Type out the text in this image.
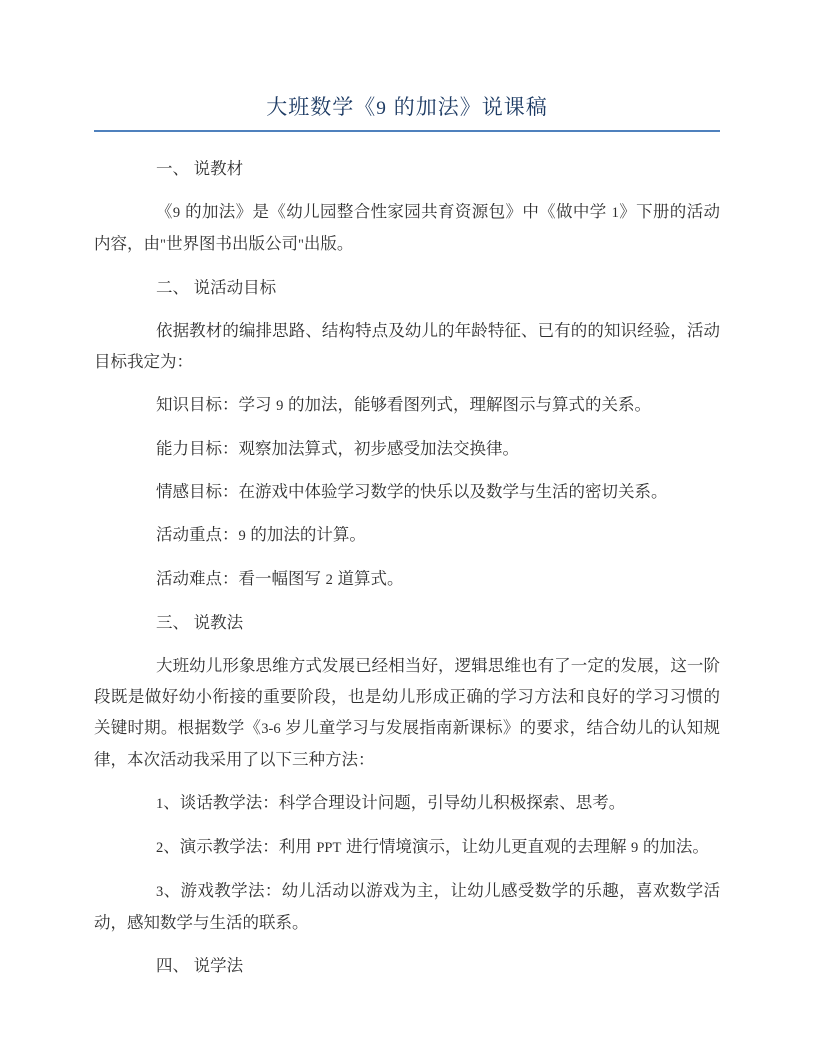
大班数学《9 的加法》说课稿

一、 说教材

《9 的加法》是《幼儿园整合性家园共育资源包》中《做中学 1》下册的活动内容，由"世界图书出版公司"出版。

二、 说活动目标

依据教材的编排思路、结构特点及幼儿的年龄特征、已有的的知识经验，活动目标我定为：

知识目标：学习 9 的加法，能够看图列式，理解图示与算式的关系。

能力目标：观察加法算式，初步感受加法交换律。

情感目标：在游戏中体验学习数学的快乐以及数学与生活的密切关系。

活动重点：9 的加法的计算。

活动难点：看一幅图写 2 道算式。

三、 说教法

大班幼儿形象思维方式发展已经相当好，逻辑思维也有了一定的发展，这一阶段既是做好幼小衔接的重要阶段，也是幼儿形成正确的学习方法和良好的学习习惯的关键时期。根据数学《3-6 岁儿童学习与发展指南新课标》的要求，结合幼儿的认知规律，本次活动我采用了以下三种方法：

1、谈话教学法：科学合理设计问题，引导幼儿积极探索、思考。

2、演示教学法：利用 PPT 进行情境演示，让幼儿更直观的去理解 9 的加法。

3、游戏教学法：幼儿活动以游戏为主，让幼儿感受数学的乐趣，喜欢数学活动，感知数学与生活的联系。

四、 说学法
